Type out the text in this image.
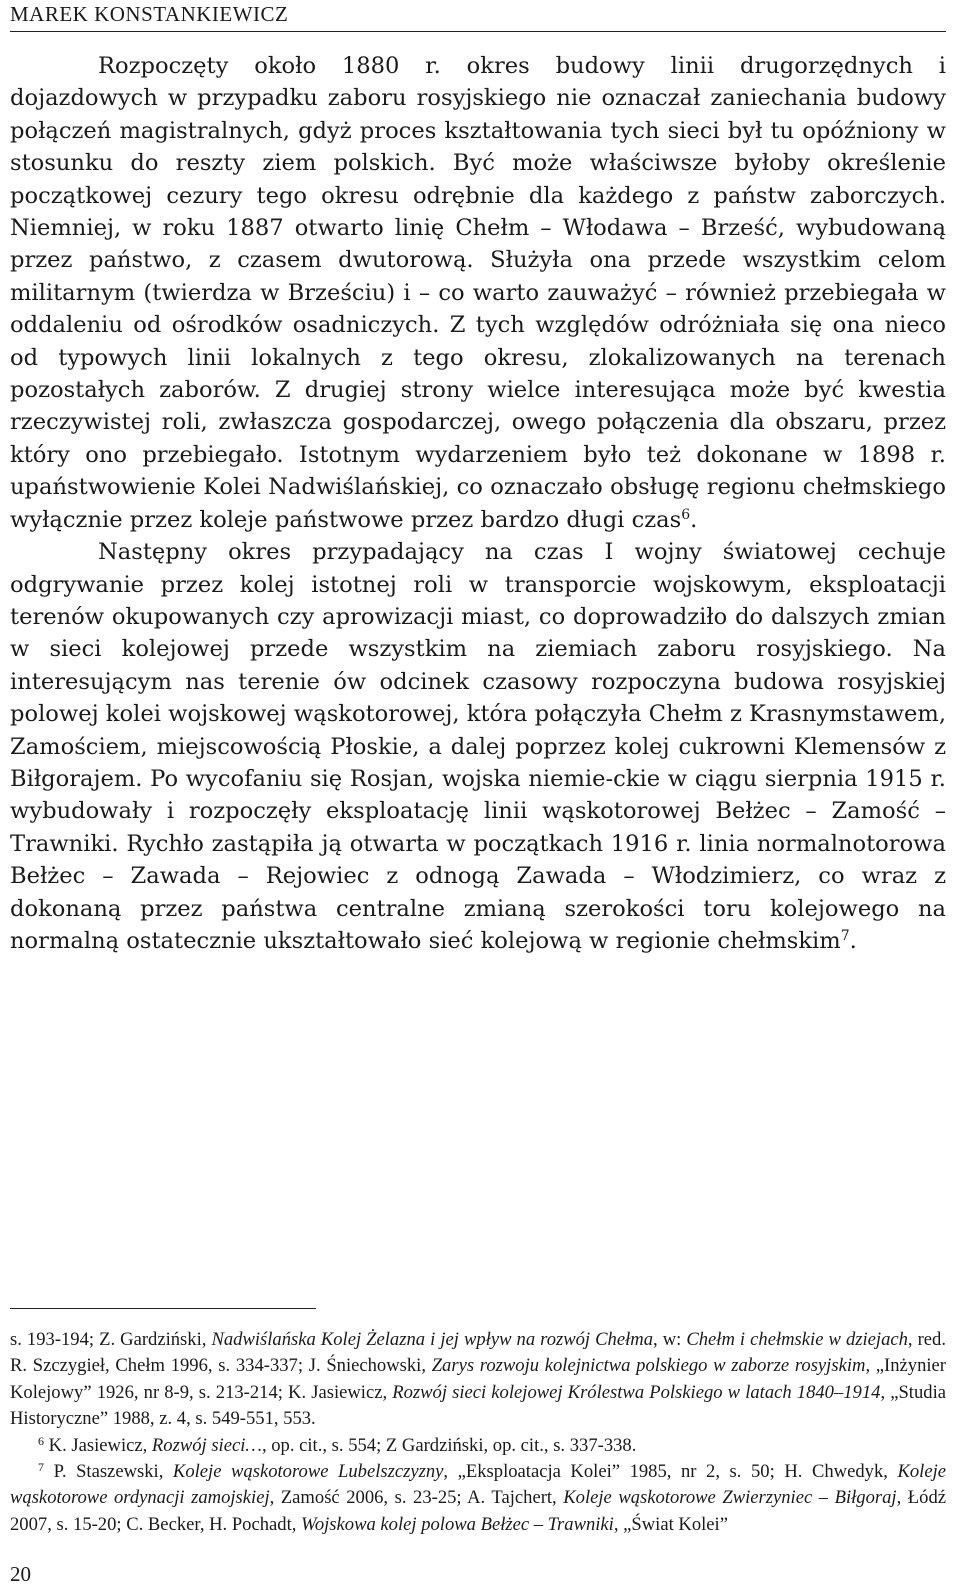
MAREK KONSTANKIEWICZ

Rozpoczęty około 1880 r. okres budowy linii drugorzędnych i dojazdowych w przypadku zaboru rosyjskiego nie oznaczał zaniechania budowy połączeń magistralnych, gdyż proces kształtowania tych sieci był tu opóźniony w stosunku do reszty ziem polskich. Być może właściwsze byłoby określenie początkowej cezury tego okresu odrębnie dla każdego z państw zaborczych. Niemniej, w roku 1887 otwarto linię Chełm – Włodawa – Brześć, wybudowaną przez państwo, z czasem dwutorową. Służyła ona przede wszystkim celom militarnym (twierdza w Brześciu) i – co warto zauważyć – również przebiegała w oddaleniu od ośrodków osadniczych. Z tych względów odróżniała się ona nieco od typowych linii lokalnych z tego okresu, zlokalizowanych na terenach pozostałych zaborów. Z drugiej strony wielce interesująca może być kwestia rzeczywistej roli, zwłaszcza gospodarczej, owego połączenia dla obszaru, przez który ono przebiegało. Istotnym wydarzeniem było też dokonane w 1898 r. upaństwowienie Kolei Nadwiślańskiej, co oznaczało obsługę regionu chełmskiego wyłącznie przez koleje państwowe przez bardzo długi czas$^6$.

Następny okres przypadający na czas I wojny światowej cechuje odgrywanie przez kolej istotnej roli w transporcie wojskowym, eksploatacji terenów okupowanych czy aprowizacji miast, co doprowadziło do dalszych zmian w sieci kolejowej przede wszystkim na ziemiach zaboru rosyjskiego. Na interesującym nas terenie ów odcinek czasowy rozpoczyna budowa rosyjskiej polowej kolei wojskowej wąskotorowej, która połączyła Chełm z Krasnymstawem, Zamościem, miejscowością Płoskie, a dalej poprzez kolej cukrowni Klemensów z Biłgorajem. Po wycofaniu się Rosjan, wojska niemie-ckie w ciągu sierpnia 1915 r. wybudowały i rozpoczęły eksploatację linii wąskotorowej Bełżec – Zamość – Trawniki. Rychło zastąpiła ją otwarta w początkach 1916 r. linia normalnotorowa Bełżec – Zawada – Rejowiec z odnogą Zawada – Włodzimierz, co wraz z dokonaną przez państwa centralne zmianą szerokości toru kolejowego na normalną ostatecznie ukształtowało sieć kolejową w regionie chełmskim$^7$.

s. 193-194; Z. Gardziński, Nadwiślańska Kolej Żelazna i jej wpływ na rozwój Chełma, w: Chełm i chełmskie w dziejach, red. R. Szczygieł, Chełm 1996, s. 334-337; J. Śniechowski, Zarys rozwoju kolejnictwa polskiego w zaborze rosyjskim, „Inżynier Kolejowy” 1926, nr 8-9, s. 213-214; K. Jasiewicz, Rozwój sieci kolejowej Królestwa Polskiego w latach 1840–1914, „Studia Historyczne” 1988, z. 4, s. 549-551, 553.

$^6$ K. Jasiewicz, Rozwój sieci…, op. cit., s. 554; Z Gardziński, op. cit., s. 337-338.

$^7$ P. Staszewski, Koleje wąskotorowe Lubelszczyzny, „Eksploatacja Kolei” 1985, nr 2, s. 50; H. Chwedyk, Koleje wąskotorowe ordynacji zamojskiej, Zamość 2006, s. 23-25; A. Tajchert, Koleje wąskotorowe Zwierzyniec – Biłgoraj, Łódź 2007, s. 15-20; C. Becker, H. Pochadt, Wojskowa kolej polowa Bełżec – Trawniki, „Świat Kolei”

20
